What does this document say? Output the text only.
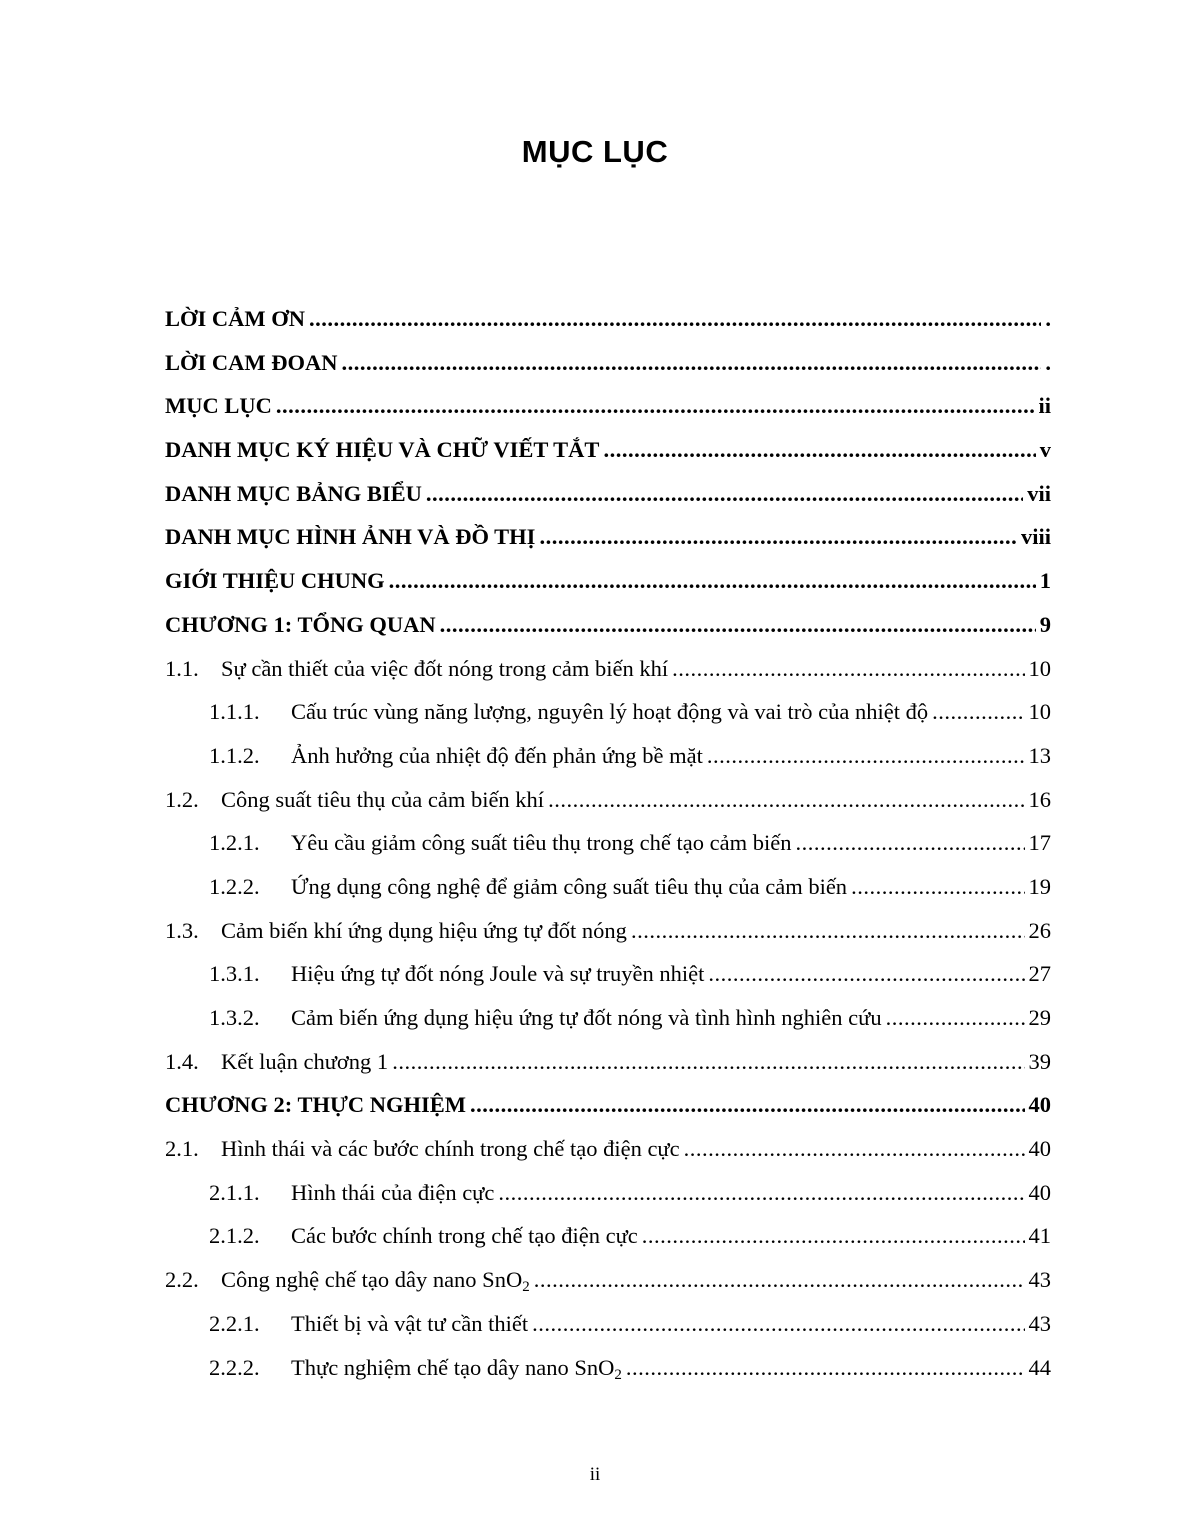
MỤC LỤC
LỜI CẢM ƠN .....	.
LỜI CAM ĐOAN .....	.
MỤC LỤC .....	ii
DANH MỤC KÝ HIỆU VÀ CHỮ VIẾT TẮT .....	v
DANH MỤC BẢNG BIỂU .....	vii
DANH MỤC HÌNH ẢNH VÀ ĐỒ THỊ .....	viii
GIỚI THIỆU CHUNG .....	1
CHƯƠNG 1: TỔNG QUAN .....	9
1.1. Sự cần thiết của việc đốt nóng trong cảm biến khí .....	10
1.1.1.	Cấu trúc vùng năng lượng, nguyên lý hoạt động và vai trò của nhiệt độ .....	10
1.1.2.	Ảnh hưởng của nhiệt độ đến phản ứng bề mặt .....	13
1.2. Công suất tiêu thụ của cảm biến khí .....	16
1.2.1.	Yêu cầu giảm công suất tiêu thụ trong chế tạo cảm biến .....	17
1.2.2.	Ứng dụng công nghệ để giảm công suất tiêu thụ của cảm biến .....	19
1.3. Cảm biến khí ứng dụng hiệu ứng tự đốt nóng .....	26
1.3.1.	Hiệu ứng tự đốt nóng Joule và sự truyền nhiệt .....	27
1.3.2.	Cảm biến ứng dụng hiệu ứng tự đốt nóng và tình hình nghiên cứu .....	29
1.4. Kết luận chương 1 .....	39
CHƯƠNG 2: THỰC NGHIỆM .....	40
2.1. Hình thái và các bước chính trong chế tạo điện cực .....	40
2.1.1.	Hình thái của điện cực .....	40
2.1.2.	Các bước chính trong chế tạo điện cực .....	41
2.2. Công nghệ chế tạo dây nano SnO$_2$ .....	43
2.2.1.	Thiết bị và vật tư cần thiết .....	43
2.2.2.	Thực nghiệm chế tạo dây nano SnO$_2$ .....	44
ii
